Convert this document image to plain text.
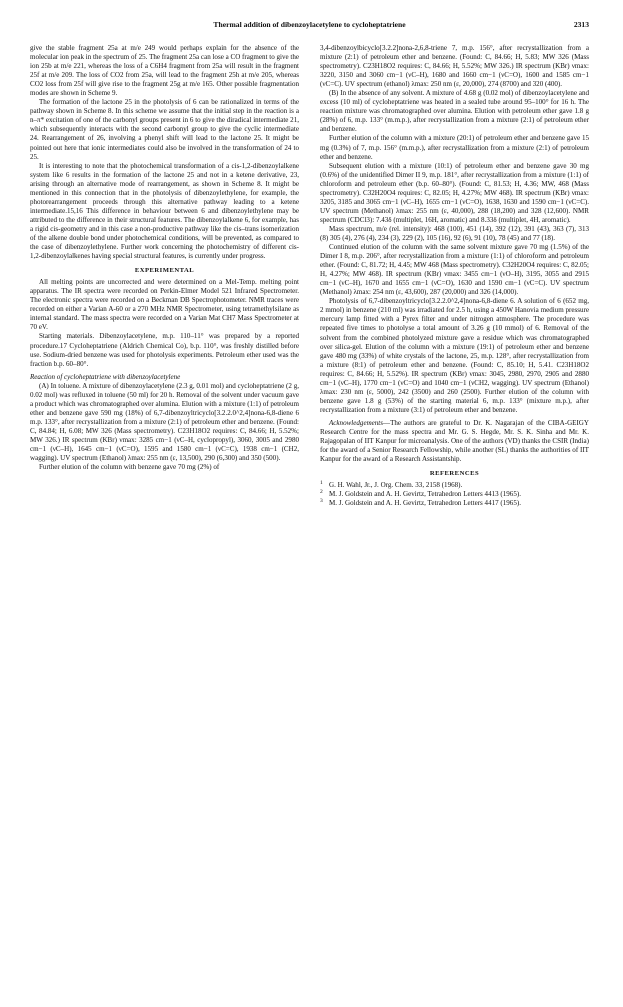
Thermal addition of dibenzoylacetylene to cycloheptatriene	2313

give the stable fragment 25a at m/e 249 would perhaps explain for the absence of the molecular ion peak in the spectrum of 25. The fragment 25a can lose a CO fragment to give the ion 25b at m/e 221, whereas the loss of a C6H4 fragment from 25a will result in the fragment 25f at m/e 209. The loss of CO2 from 25a, will lead to the fragment 25h at m/e 205, whereas CO2 loss from 25f will give rise to the fragment 25g at m/e 165. Other possible fragmentation modes are shown in Scheme 9.

The formation of the lactone 25 in the photolysis of 6 can be rationalized in terms of the pathway shown in Scheme 8. In this scheme we assume that the initial step in the reaction is a n–π* excitation of one of the carbonyl groups present in 6 to give the diradical intermediate 21, which subsequently interacts with the second carbonyl group to give the cyclic intermediate 24. Rearrangement of 26, involving a phenyl shift will lead to the lactone 25. It might be pointed out here that ionic intermediates could also be involved in the transformation of 24 to 25.

It is interesting to note that the photochemical transformation of a cis-1,2-dibenzoylalkene system like 6 results in the formation of the lactone 25 and not in a ketene derivative, 23, arising through an alternative mode of rearrangement, as shown in Scheme 8. It might be mentioned in this connection that in the photolysis of dibenzoylethylene, for example, the photorearrangement proceeds through this alternative pathway leading to a ketene intermediate.15,16 This difference in behaviour between 6 and dibenzoylethylene may be attributed to the difference in their structural features. The dibenzoylalkene 6, for example, has a rigid cis-geometry and in this case a non-productive pathway like the cis–trans isomerization of the alkene double bond under photochemical conditions, will be prevented, as compared to the case of dibenzoylethylene. Further work concerning the photochemistry of different cis-1,2-dibenzoylalkenes having special structural features, is currently under progress.

EXPERIMENTAL

All melting points are uncorrected and were determined on a Mel-Temp. melting point apparatus. The IR spectra were recorded on Perkin-Elmer Model 521 Infrared Spectrometer. The electronic spectra were recorded on a Beckman DB Spectrophotometer. NMR traces were recorded on either a Varian A-60 or a 270 MHz NMR Spectrometer, using tetramethylsilane as internal standard. The mass spectra were recorded on a Varian Mat CH7 Mass Spectrometer at 70 eV.

Starting materials. Dibenzoylacetylene, m.p. 110–11° was prepared by a reported procedure.17 Cycloheptatriene (Aldrich Chemical Co), b.p. 110°, was freshly distilled before use. Sodium-dried benzene was used for photolysis experiments. Petroleum ether used was the fraction b.p. 60–80°.

Reaction of cycloheptatriene with dibenzoylacetylene

(A) In toluene. A mixture of dibenzoylacetylene (2.3 g, 0.01 mol) and cycloheptatriene (2 g, 0.02 mol) was refluxed in toluene (50 ml) for 20 h. Removal of the solvent under vacuum gave a product which was chromatographed over alumina. Elution with a mixture (1:1) of petroleum ether and benzene gave 590 mg (18%) of 6,7-dibenzoyltricyclo[3.2.2.0^2,4]nona-6,8-diene 6 m.p. 133°, after recrystallization from a mixture (2:1) of petroleum ether and benzene. (Found: C, 84.84; H, 6.08; MW 326 (Mass spectrometry). C23H18O2 requires: C, 84.66; H, 5.52%; MW 326.) IR spectrum (KBr) νmax: 3285 cm−1 (νC–H, cyclopropyl), 3060, 3005 and 2980 cm−1 (νC–H), 1645 cm−1 (νC=O), 1595 and 1580 cm−1 (νC=C), 1938 cm−1 (CH2, wagging). UV spectrum (Ethanol) λmax: 255 nm (ε, 13,500), 290 (6,300) and 350 (500).

Further elution of the column with benzene gave 70 mg (2%) of

3,4-dibenzoylbicyclo[3.2.2]nona-2,6,8-triene 7, m.p. 156°, after recrystallization from a mixture (2:1) of petroleum ether and benzene. (Found: C, 84.66; H, 5.83; MW 326 (Mass spectrometry). C23H18O2 requires: C, 84.66; H, 5.52%; MW 326.) IR spectrum (KBr) νmax: 3220, 3150 and 3060 cm−1 (νC–H), 1680 and 1660 cm−1 (νC=O), 1600 and 1585 cm−1 (νC=C). UV spectrum (ethanol) λmax: 250 nm (ε, 20,000), 274 (8700) and 320 (400).

(B) In the absence of any solvent. A mixture of 4.68 g (0.02 mol) of dibenzoylacetylene and excess (10 ml) of cycloheptatriene was heated in a sealed tube around 95–100° for 16 h. The reaction mixture was chromatographed over alumina. Elution with petroleum ether gave 1.8 g (28%) of 6, m.p. 133° (m.m.p.), after recrystallization from a mixture (2:1) of petroleum ether and benzene.

Further elution of the column with a mixture (20:1) of petroleum ether and benzene gave 15 mg (0.3%) of 7, m.p. 156° (m.m.p.), after recrystallization from a mixture (2:1) of petroleum ether and benzene.

Subsequent elution with a mixture (10:1) of petroleum ether and benzene gave 30 mg (0.6%) of the unidentified Dimer II 9, m.p. 181°, after recrystallization from a mixture (1:1) of chloroform and petroleum ether (b.p. 60–80°). (Found: C, 81.53; H, 4.36; MW, 468 (Mass spectrometry). C32H20O4 requires: C, 82.05; H, 4.27%; MW 468). IR spectrum (KBr) νmax: 3205, 3185 and 3065 cm−1 (νC–H), 1655 cm−1 (νC=O), 1638, 1630 and 1590 cm−1 (νC=C). UV spectrum (Methanol) λmax: 255 nm (ε, 40,000), 288 (18,200) and 328 (12,600). NMR spectrum (CDCl3): 7.43δ (multiplet, 16H, aromatic) and 8.33δ (multiplet, 4H, aromatic).

Mass spectrum, m/e (rel. intensity): 468 (100), 451 (14), 392 (12), 391 (43), 363 (7), 313 (8) 305 (4), 276 (4), 234 (3), 229 (2), 105 (16), 92 (6), 91 (10), 78 (45) and 77 (18).

Continued elution of the column with the same solvent mixture gave 70 mg (1.5%) of the Dimer I 8, m.p. 206°, after recrystallization from a mixture (1:1) of chloroform and petroleum ether. (Found: C, 81.72; H, 4.45; MW 468 (Mass spectrometry). C32H20O4 requires: C, 82.05; H, 4.27%; MW 468). IR spectrum (KBr) νmax: 3455 cm−1 (νO–H), 3195, 3055 and 2915 cm−1 (νC–H), 1670 and 1655 cm−1 (νC=O), 1630 and 1590 cm−1 (νC=C). UV spectrum (Methanol) λmax: 254 nm (ε, 43,600), 287 (20,000) and 326 (14,000).

Photolysis of 6,7-dibenzoyltricyclo[3.2.2.0^2,4]nona-6,8-diene 6. A solution of 6 (652 mg, 2 mmol) in benzene (210 ml) was irradiated for 2.5 h, using a 450W Hanovia medium pressure mercury lamp fitted with a Pyrex filter and under nitrogen atmosphere. The procedure was repeated five times to photolyse a total amount of 3.26 g (10 mmol) of 6. Removal of the solvent from the combined photolyzed mixture gave a residue which was chromatographed over silica-gel. Elution of the column with a mixture (19:1) of petroleum ether and benzene gave 480 mg (33%) of white crystals of the lactone, 25, m.p. 128°, after recrystallization from a mixture (8:1) of petroleum ether and benzene. (Found: C, 85.10; H, 5.41. C23H18O2 requires: C, 84.66; H, 5.52%). IR spectrum (KBr) νmax: 3045, 2980, 2970, 2905 and 2880 cm−1 (νC–H), 1770 cm−1 (νC=O) and 1040 cm−1 (νCH2, wagging). UV spectrum (Ethanol) λmax: 230 nm (ε, 5000), 242 (3500) and 260 (2500). Further elution of the column with benzene gave 1.8 g (53%) of the starting material 6, m.p. 133° (mixture m.p.), after recrystallization from a mixture (3:1) of petroleum ether and benzene.

Acknowledgements—The authors are grateful to Dr. K. Nagarajan of the CIBA-GEIGY Research Centre for the mass spectra and Mr. G. S. Hegde, Mr. S. K. Sinha and Mr. K. Rajagopalan of IIT Kanpur for microanalysis. One of the authors (VD) thanks the CSIR (India) for the award of a Senior Research Fellowship, while another (SL) thanks the authorities of IIT Kanpur for the award of a Research Assistantship.

REFERENCES

1 G. H. Wahl, Jr., J. Org. Chem. 33, 2158 (1968).

2 M. J. Goldstein and A. H. Gevirtz, Tetrahedron Letters 4413 (1965).

3 M. J. Goldstein and A. H. Gevirtz, Tetrahedron Letters 4417 (1965).
